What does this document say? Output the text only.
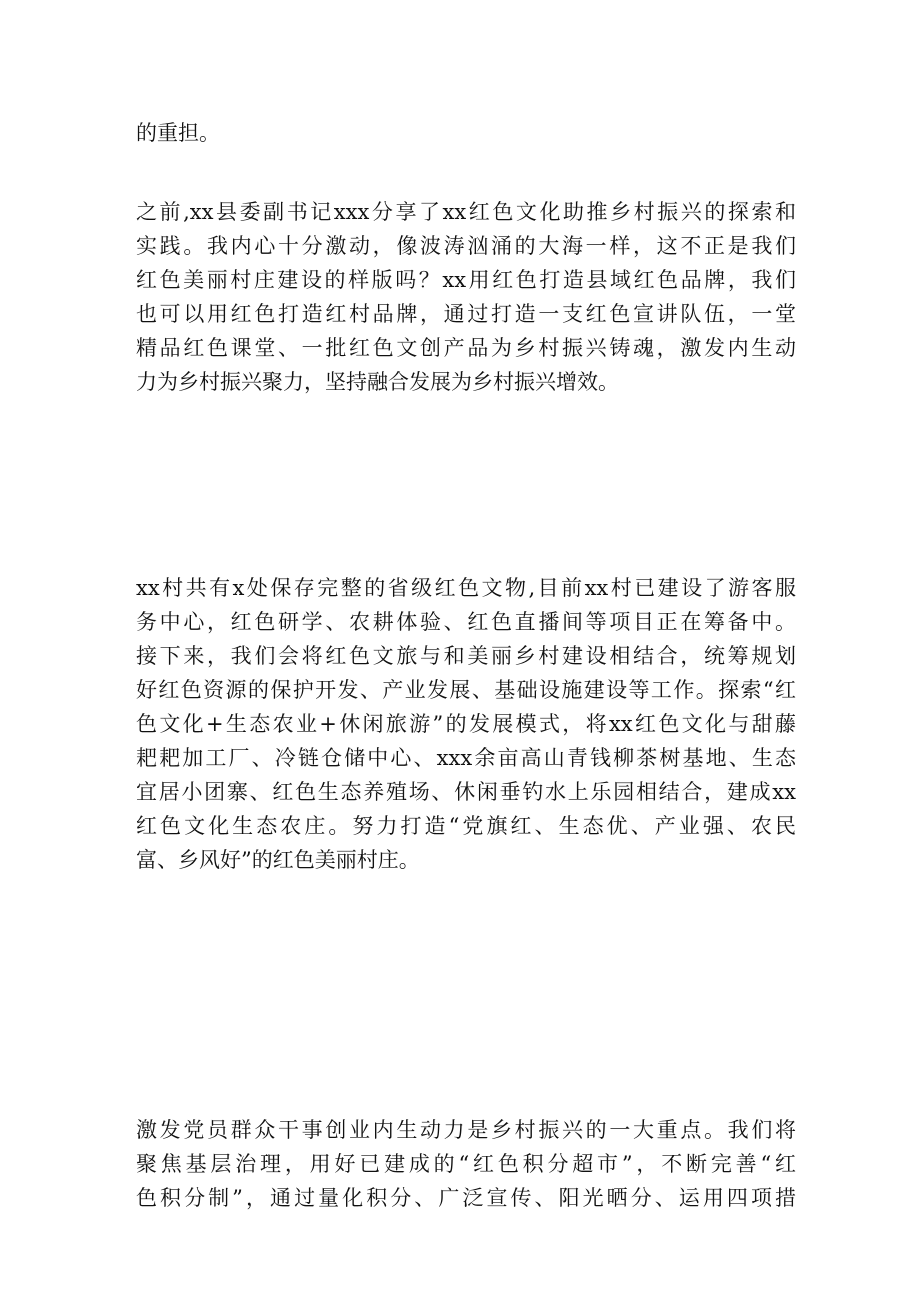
的重担。
之前,xx县委副书记xxx分享了xx红色文化助推乡村振兴的探索和
实践。我内心十分激动，像波涛汹涌的大海一样，这不正是我们
红色美丽村庄建设的样版吗？xx用红色打造县域红色品牌，我们
也可以用红色打造红村品牌，通过打造一支红色宣讲队伍，一堂
精品红色课堂、一批红色文创产品为乡村振兴铸魂，激发内生动
力为乡村振兴聚力，坚持融合发展为乡村振兴增效。
xx村共有x处保存完整的省级红色文物,目前xx村已建设了游客服
务中心，红色研学、农耕体验、红色直播间等项目正在筹备中。
接下来，我们会将红色文旅与和美丽乡村建设相结合，统筹规划
好红色资源的保护开发、产业发展、基础设施建设等工作。探索“红
色文化+生态农业+休闲旅游”的发展模式，将xx红色文化与甜藤
耙耙加工厂、冷链仓储中心、xxx余亩高山青钱柳茶树基地、生态
宜居小团寨、红色生态养殖场、休闲垂钓水上乐园相结合，建成xx
红色文化生态农庄。努力打造“党旗红、生态优、产业强、农民
富、乡风好”的红色美丽村庄。
激发党员群众干事创业内生动力是乡村振兴的一大重点。我们将
聚焦基层治理，用好已建成的“红色积分超市”，不断完善“红
色积分制”，通过量化积分、广泛宣传、阳光晒分、运用四项措
